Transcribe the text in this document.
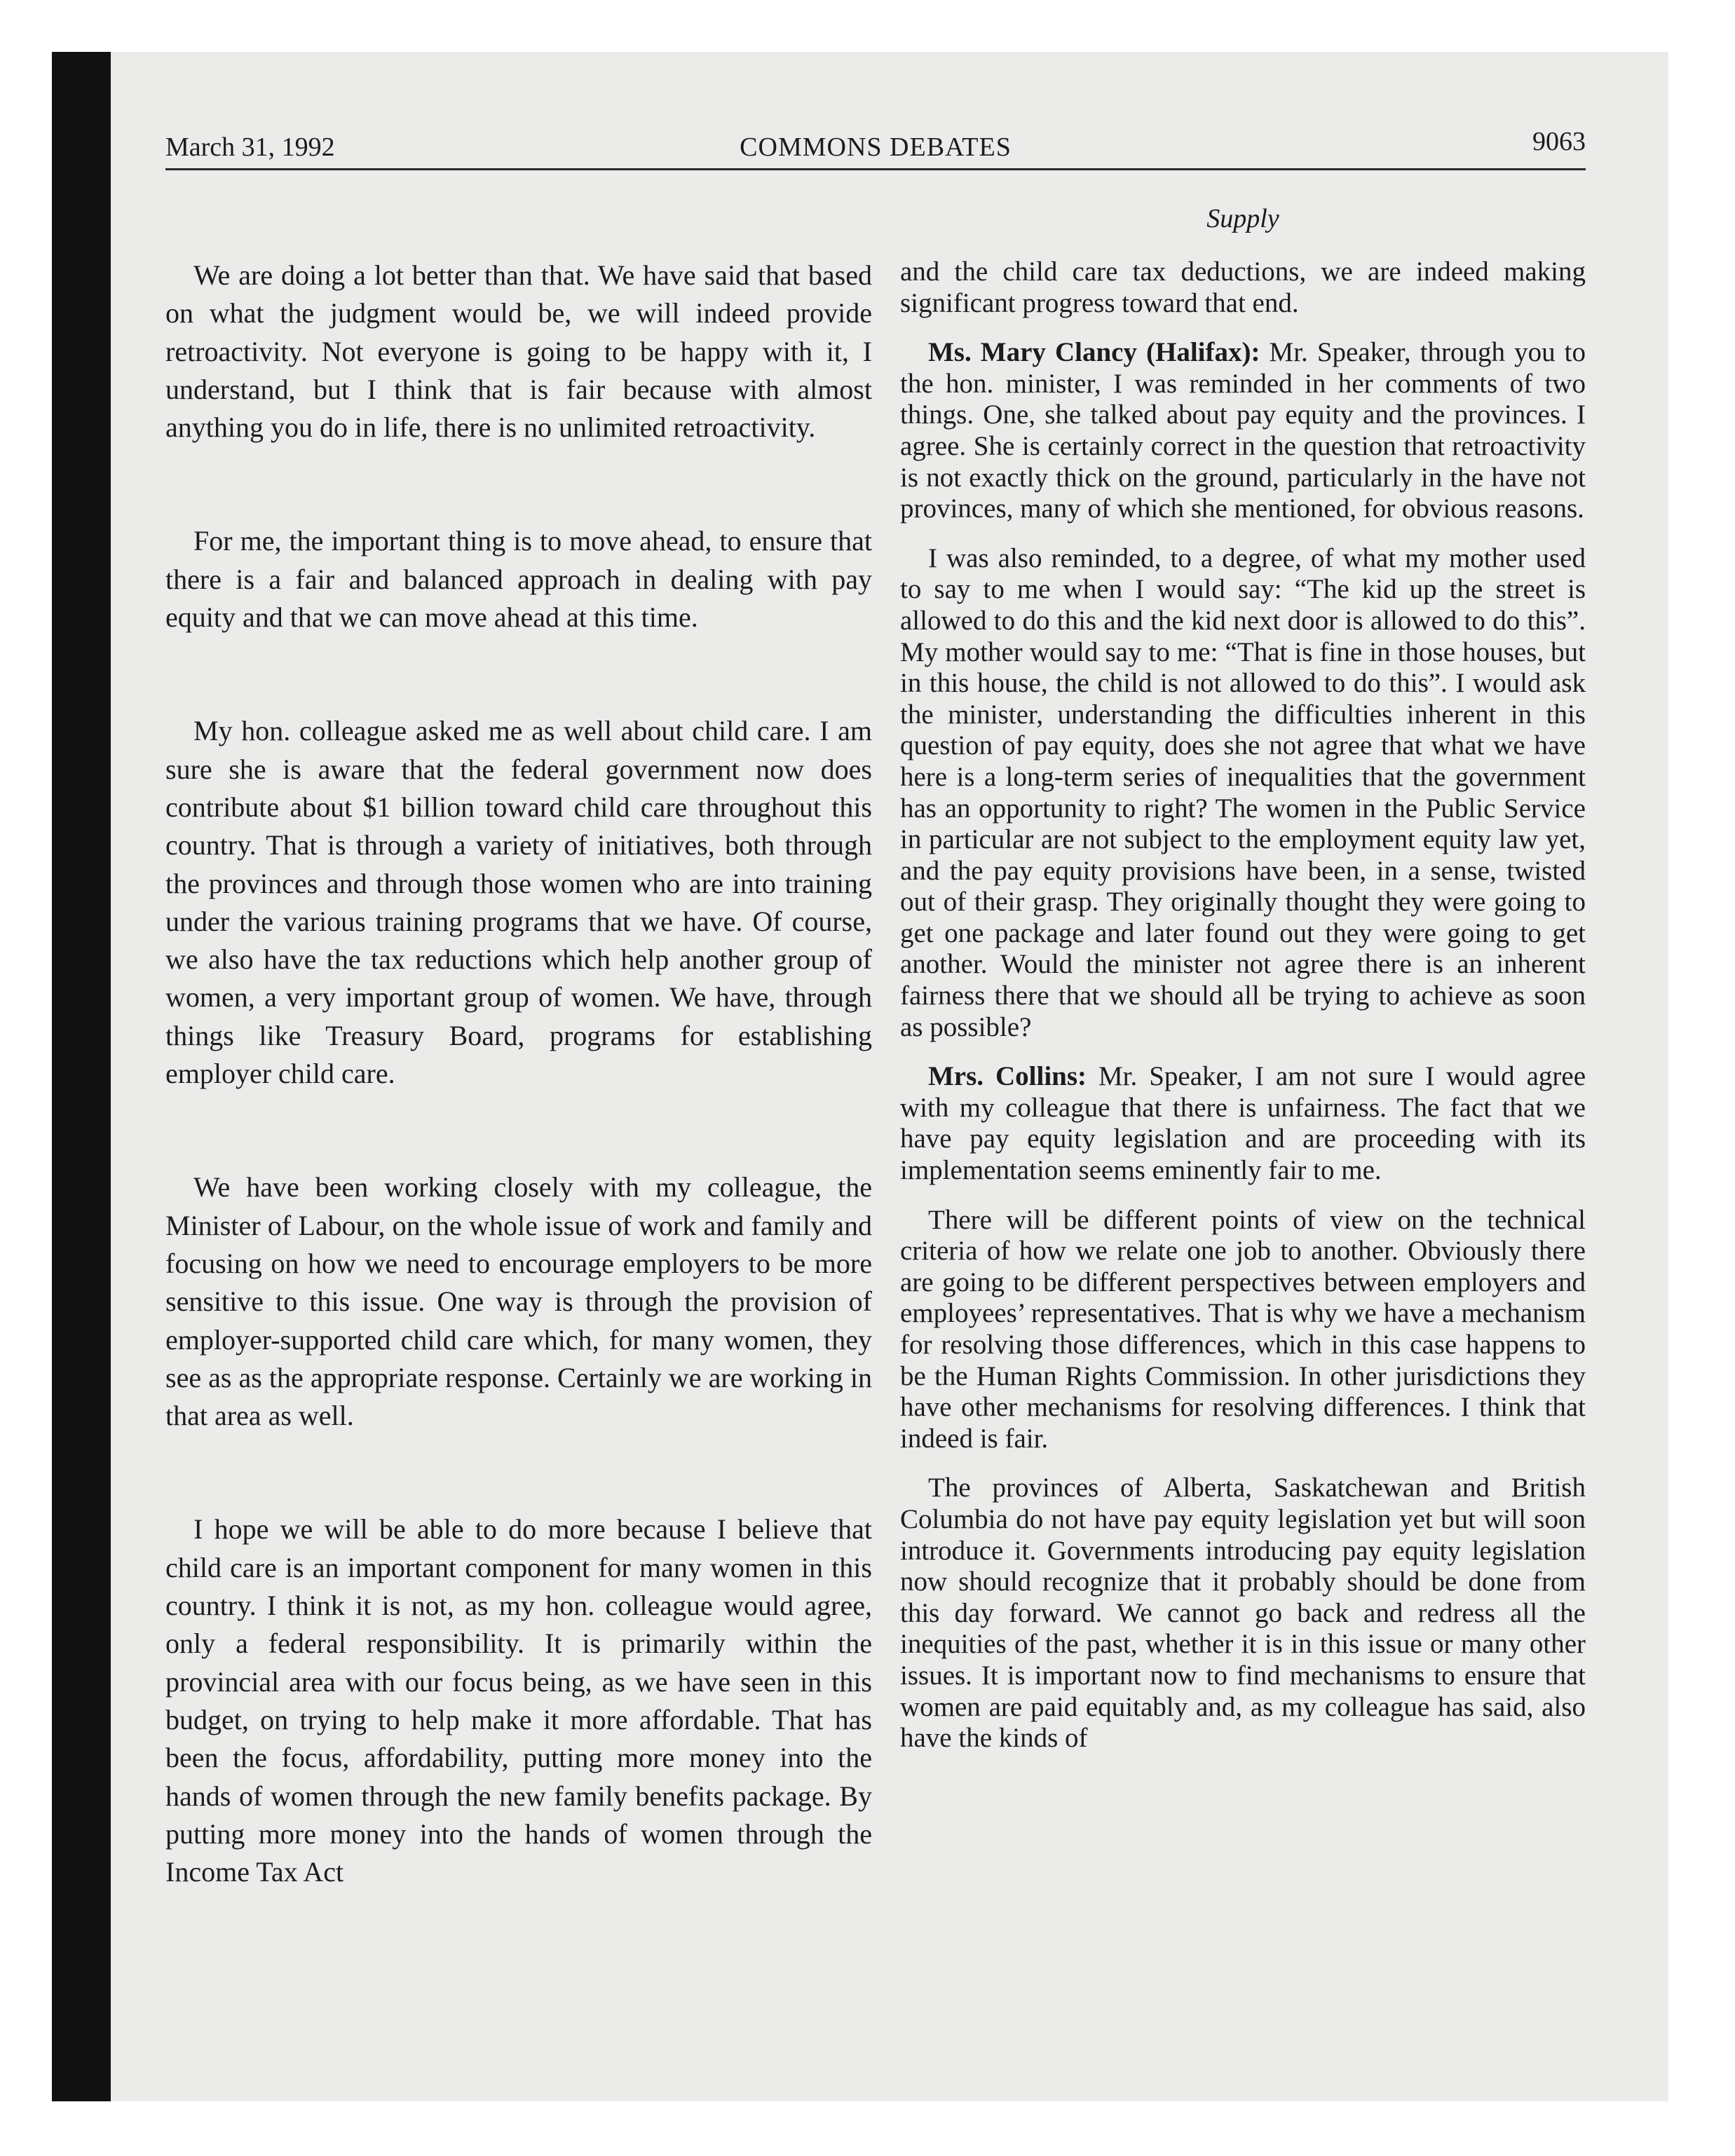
March 31, 1992	COMMONS DEBATES	9063
Supply

We are doing a lot better than that. We have said that based on what the judgment would be, we will indeed provide retroactivity. Not everyone is going to be happy with it, I understand, but I think that is fair because with almost anything you do in life, there is no unlimited retroactivity.

For me, the important thing is to move ahead, to ensure that there is a fair and balanced approach in dealing with pay equity and that we can move ahead at this time.

My hon. colleague asked me as well about child care. I am sure she is aware that the federal government now does contribute about $1 billion toward child care throughout this country. That is through a variety of initiatives, both through the provinces and through those women who are into training under the various training programs that we have. Of course, we also have the tax reductions which help another group of women, a very important group of women. We have, through things like Treasury Board, programs for establishing employer child care.

We have been working closely with my colleague, the Minister of Labour, on the whole issue of work and family and focusing on how we need to encourage employers to be more sensitive to this issue. One way is through the provision of employer-supported child care which, for many women, they see as as the appropriate response. Certainly we are working in that area as well.

I hope we will be able to do more because I believe that child care is an important component for many women in this country. I think it is not, as my hon. colleague would agree, only a federal responsibility. It is primarily within the provincial area with our focus being, as we have seen in this budget, on trying to help make it more affordable. That has been the focus, affordability, putting more money into the hands of women through the new family benefits package. By putting more money into the hands of women through the Income Tax Act

and the child care tax deductions, we are indeed making significant progress toward that end.

Ms. Mary Clancy (Halifax): Mr. Speaker, through you to the hon. minister, I was reminded in her comments of two things. One, she talked about pay equity and the provinces. I agree. She is certainly correct in the question that retroactivity is not exactly thick on the ground, particularly in the have not provinces, many of which she mentioned, for obvious reasons.

I was also reminded, to a degree, of what my mother used to say to me when I would say: “The kid up the street is allowed to do this and the kid next door is allowed to do this”. My mother would say to me: “That is fine in those houses, but in this house, the child is not allowed to do this”. I would ask the minister, understanding the difficulties inherent in this question of pay equity, does she not agree that what we have here is a long-term series of inequalities that the government has an opportunity to right? The women in the Public Service in particular are not subject to the employment equity law yet, and the pay equity provisions have been, in a sense, twisted out of their grasp. They originally thought they were going to get one package and later found out they were going to get another. Would the minister not agree there is an inherent fairness there that we should all be trying to achieve as soon as possible?

Mrs. Collins: Mr. Speaker, I am not sure I would agree with my colleague that there is unfairness. The fact that we have pay equity legislation and are proceeding with its implementation seems eminently fair to me.

There will be different points of view on the technical criteria of how we relate one job to another. Obviously there are going to be different perspectives between employers and employees’ representatives. That is why we have a mechanism for resolving those differences, which in this case happens to be the Human Rights Commission. In other jurisdictions they have other mechanisms for resolving differences. I think that indeed is fair.

The provinces of Alberta, Saskatchewan and British Columbia do not have pay equity legislation yet but will soon introduce it. Governments introducing pay equity legislation now should recognize that it probably should be done from this day forward. We cannot go back and redress all the inequities of the past, whether it is in this issue or many other issues. It is important now to find mechanisms to ensure that women are paid equitably and, as my colleague has said, also have the kinds of
